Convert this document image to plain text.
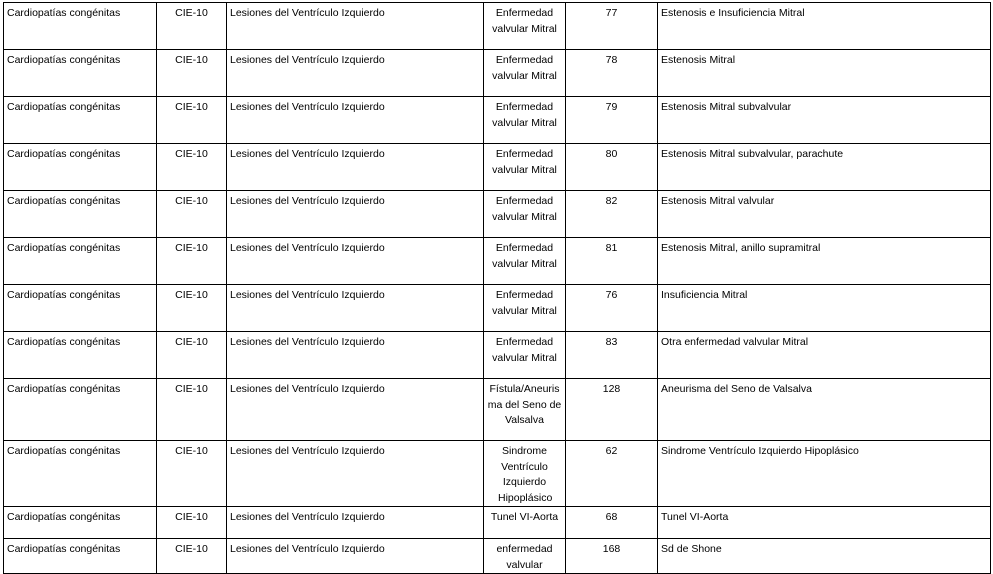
Cardiopatías congénitas	CIE-10	Lesiones del Ventrículo Izquierdo	Enfermedad valvular Mitral	77	Estenosis e Insuficiencia Mitral
Cardiopatías congénitas	CIE-10	Lesiones del Ventrículo Izquierdo	Enfermedad valvular Mitral	78	Estenosis Mitral
Cardiopatías congénitas	CIE-10	Lesiones del Ventrículo Izquierdo	Enfermedad valvular Mitral	79	Estenosis Mitral subvalvular
Cardiopatías congénitas	CIE-10	Lesiones del Ventrículo Izquierdo	Enfermedad valvular Mitral	80	Estenosis Mitral subvalvular, parachute
Cardiopatías congénitas	CIE-10	Lesiones del Ventrículo Izquierdo	Enfermedad valvular Mitral	82	Estenosis Mitral valvular
Cardiopatías congénitas	CIE-10	Lesiones del Ventrículo Izquierdo	Enfermedad valvular Mitral	81	Estenosis Mitral, anillo supramitral
Cardiopatías congénitas	CIE-10	Lesiones del Ventrículo Izquierdo	Enfermedad valvular Mitral	76	Insuficiencia Mitral
Cardiopatías congénitas	CIE-10	Lesiones del Ventrículo Izquierdo	Enfermedad valvular Mitral	83	Otra enfermedad valvular Mitral
Cardiopatías congénitas	CIE-10	Lesiones del Ventrículo Izquierdo	Fístula/Aneurisma del Seno de Valsalva	128	Aneurisma del Seno de Valsalva
Cardiopatías congénitas	CIE-10	Lesiones del Ventrículo Izquierdo	Sindrome Ventrículo Izquierdo Hipoplásico	62	Sindrome Ventrículo Izquierdo Hipoplásico
Cardiopatías congénitas	CIE-10	Lesiones del Ventrículo Izquierdo	Tunel VI-Aorta	68	Tunel VI-Aorta
Cardiopatías congénitas	CIE-10	Lesiones del Ventrículo Izquierdo	enfermedad valvular	168	Sd de Shone
